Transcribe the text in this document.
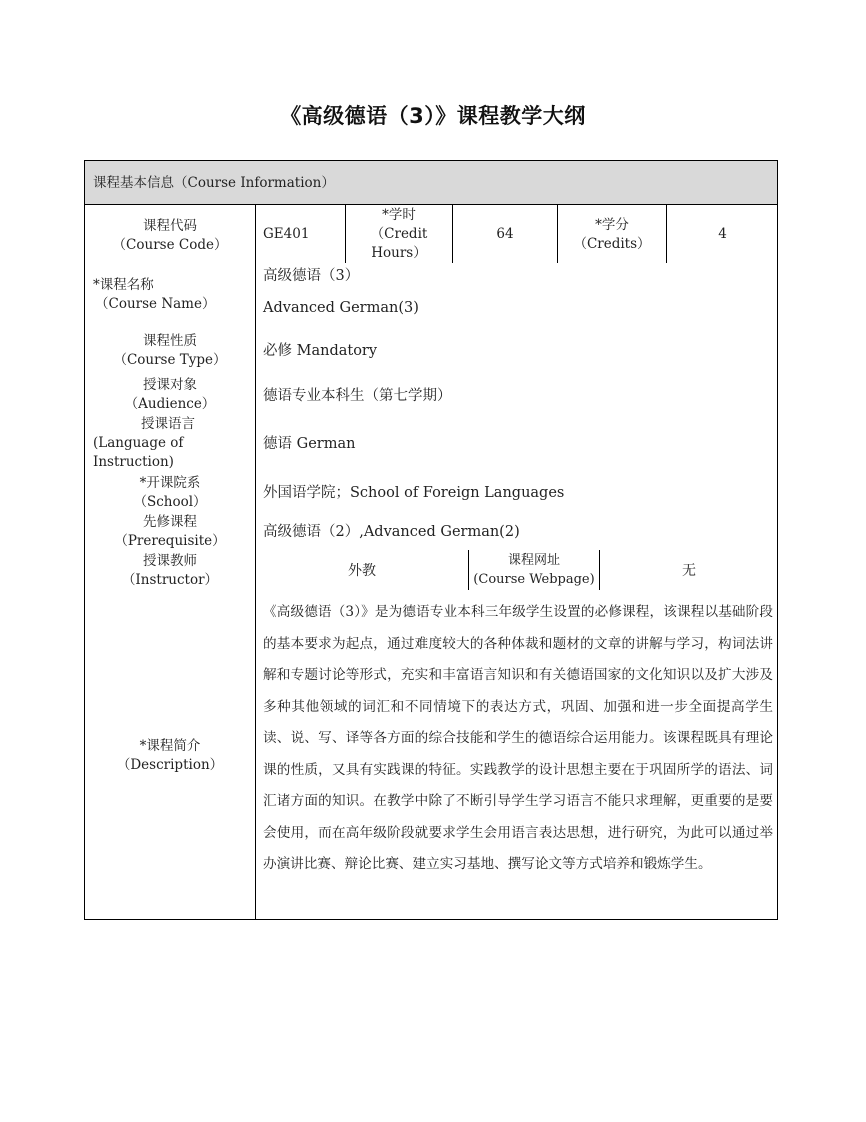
《高级德语（3）》课程教学大纲
课程基本信息（Course Information）
课程代码
（Course Code）
GE401
*学时
（Credit
Hours）
64
*学分
（Credits）
4
*课程名称
（Course Name）
高级德语（3）
Advanced German(3)
课程性质
（Course Type）
必修 Mandatory
授课对象
（Audience）	德语专业本科生（第七学期）
授课语言
(Language of
Instruction)
德语 German
*开课院系
（School）
外国语学院；School of Foreign Languages
先修课程
（Prerequisite）
高级德语（2）,Advanced German(2)
授课教师
（Instructor）
外教
课程网址
(Course Webpage)
无
*课程简介
（Description）
《高级德语（3）》是为德语专业本科三年级学生设置的必修课程，该课程以基础阶段的基本要求为起点，通过难度较大的各种体裁和题材的文章的讲解与学习，构词法讲解和专题讨论等形式，充实和丰富语言知识和有关德语国家的文化知识以及扩大涉及多种其他领域的词汇和不同情境下的表达方式，巩固、加强和进一步全面提高学生读、说、写、译等各方面的综合技能和学生的德语综合运用能力。该课程既具有理论课的性质，又具有实践课的特征。实践教学的设计思想主要在于巩固所学的语法、词汇诸方面的知识。在教学中除了不断引导学生学习语言不能只求理解，更重要的是要会使用，而在高年级阶段就要求学生会用语言表达思想，进行研究，为此可以通过举办演讲比赛、辩论比赛、建立实习基地、撰写论文等方式培养和锻炼学生。
